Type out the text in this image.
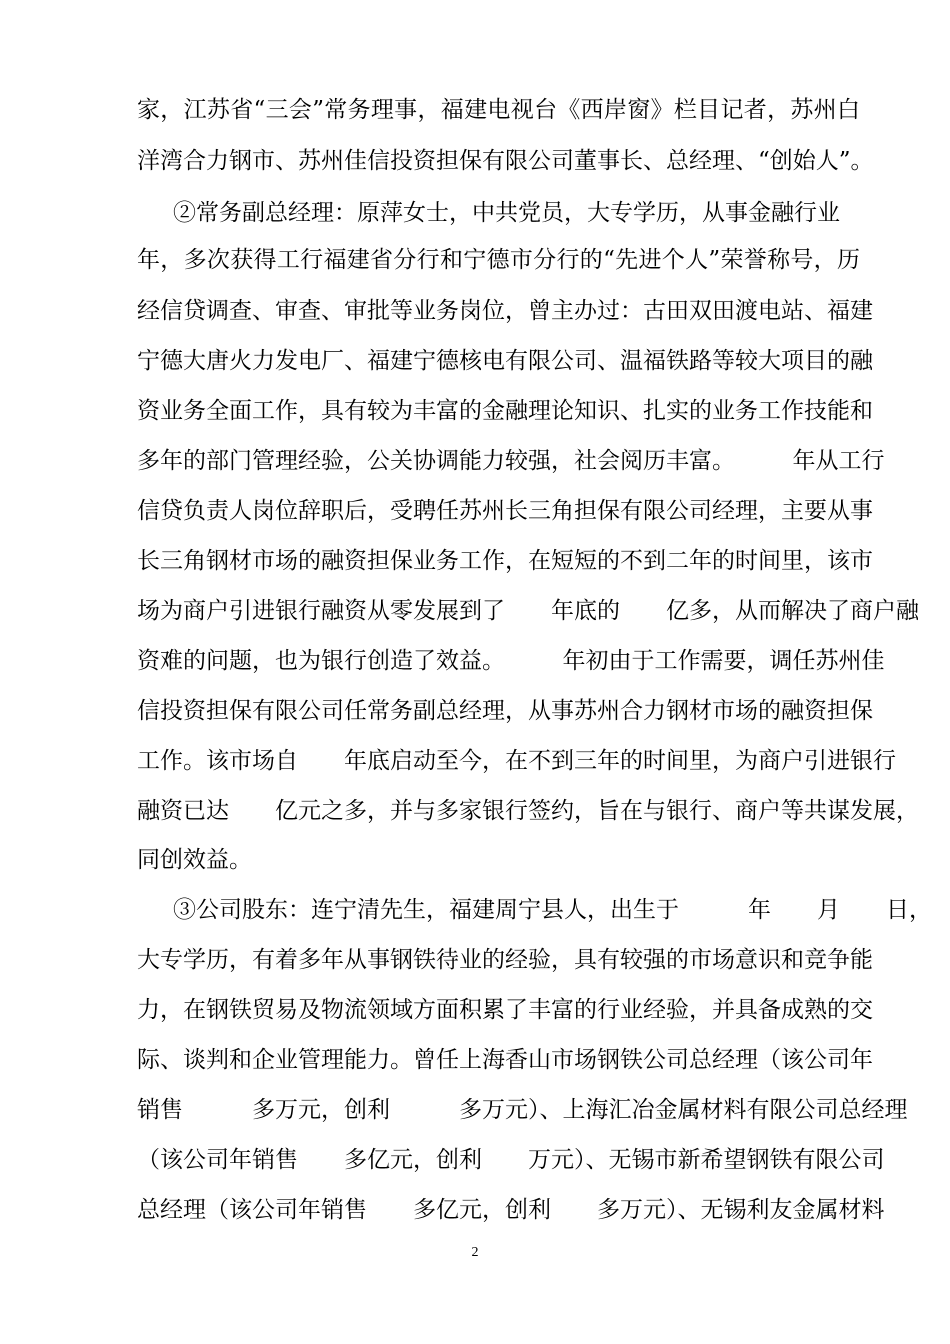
家，江苏省“三会”常务理事，福建电视台《西岸窗》栏目记者，苏州白
洋湾合力钢市、苏州佳信投资担保有限公司董事长、总经理、“创始人”。
②常务副总经理：原萍女士，中共党员，大专学历，从事金融行业
年，多次获得工行福建省分行和宁德市分行的“先进个人”荣誉称号，历
经信贷调查、审查、审批等业务岗位，曾主办过：古田双田渡电站、福建
宁德大唐火力发电厂、福建宁德核电有限公司、温福铁路等较大项目的融
资业务全面工作，具有较为丰富的金融理论知识、扎实的业务工作技能和
多年的部门管理经验，公关协调能力较强，社会阅历丰富。　　　年从工行
信贷负责人岗位辞职后，受聘任苏州长三角担保有限公司经理，主要从事
长三角钢材市场的融资担保业务工作，在短短的不到二年的时间里，该市
场为商户引进银行融资从零发展到了　　年底的　　亿多，从而解决了商户融
资难的问题，也为银行创造了效益。　　　年初由于工作需要，调任苏州佳
信投资担保有限公司任常务副总经理，从事苏州合力钢材市场的融资担保
工作。该市场自　　年底启动至今，在不到三年的时间里，为商户引进银行
融资已达　　亿元之多，并与多家银行签约，旨在与银行、商户等共谋发展，
同创效益。
③公司股东：连宁清先生，福建周宁县人，出生于　　　年　　月　　日，
大专学历，有着多年从事钢铁待业的经验，具有较强的市场意识和竞争能
力，在钢铁贸易及物流领域方面积累了丰富的行业经验，并具备成熟的交
际、谈判和企业管理能力。曾任上海香山市场钢铁公司总经理（该公司年
销售　　　多万元，创利　　　多万元）、上海汇冶金属材料有限公司总经理
（该公司年销售　　多亿元，创利　　万元）、无锡市新希望钢铁有限公司
总经理（该公司年销售　　多亿元，创利　　多万元）、无锡利友金属材料
2
